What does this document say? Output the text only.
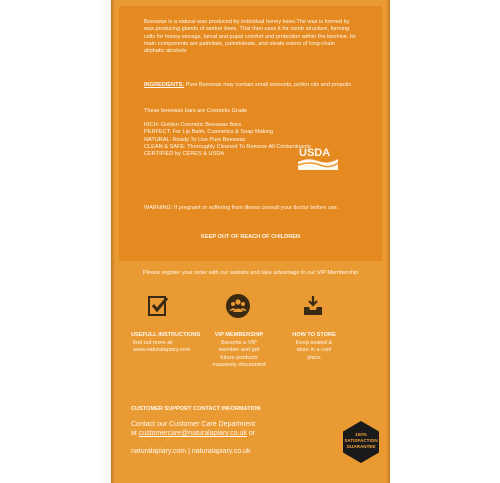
Beeswax is a natural wax produced by individual honey bees.The wax is formed by wax producing glands of worker bees. That then uses it for comb structure, forming cells for honey-storage, larval and pupal comfort and protection within the beehive. Its main components are palmitate, palmitoleate, and oleate esters of long-chain aliphatic alcohols
INGREDIENTS: Pure Beeswax may contain small amounts, pollen oils and propolis.
These beeswax bars are Cosmetic Grade
RICH: Golden Cosmetic Beeswax Bars
PERFECT: For Lip Balm, Cosmetics & Soap Making
NATURAL: Ready To Use Pure Beeswax
CLEAN & SAFE: Thoroughly Cleaned To Remove All Contaminants
CERTIFIED by CERES & USDA	USDA
WARNING: If pregnant or suffering from illness consult your doctor before use.
KEEP OUT OF REACH OF CHILDREN
Please register your order with our website and take advantage to our VIP Membership
USEFULL INSTRUCTIONS
find out more at:
www.naturalapiary.com
VIP MEMBERSHIP
Become a VIP
member and get
future products
massively discounted
HOW TO STORE
Keep sealed &
store in a cool
place
CUSTOMER SUPPORT CONTACT INFORMATION
Contact our Customer Care Department
at customercare@naturalapiary.co.uk or
naturalapiary.com | naturalapiary.co.uk
100% SATISFACTION GUARANTEE
